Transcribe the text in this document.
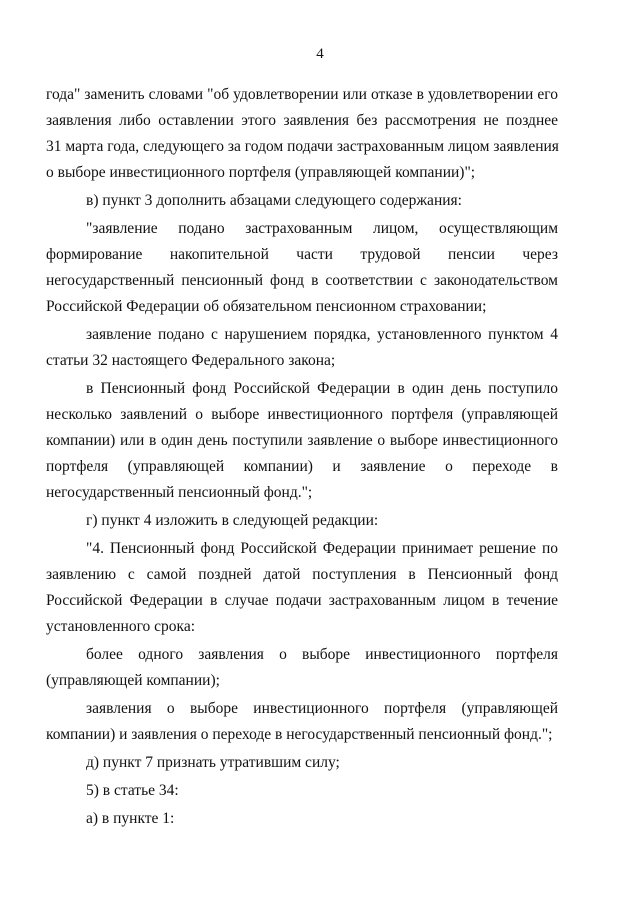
4
года" заменить словами "об удовлетворении или отказе в удовлетворении его
заявления либо оставлении этого заявления без рассмотрения не позднее
31 марта года, следующего за годом подачи застрахованным лицом заявления
о выборе инвестиционного портфеля (управляющей компании)";
в) пункт 3 дополнить абзацами следующего содержания:
"заявление подано застрахованным лицом, осуществляющим
формирование накопительной части трудовой пенсии через
негосударственный пенсионный фонд в соответствии с законодательством
Российской Федерации об обязательном пенсионном страховании;
заявление подано с нарушением порядка, установленного пунктом 4
статьи 32 настоящего Федерального закона;
в Пенсионный фонд Российской Федерации в один день поступило
несколько заявлений о выборе инвестиционного портфеля (управляющей
компании) или в один день поступили заявление о выборе инвестиционного
портфеля (управляющей компании) и заявление о переходе в
негосударственный пенсионный фонд.";
г) пункт 4 изложить в следующей редакции:
"4. Пенсионный фонд Российской Федерации принимает решение по
заявлению с самой поздней датой поступления в Пенсионный фонд
Российской Федерации в случае подачи застрахованным лицом в течение
установленного срока:
более одного заявления о выборе инвестиционного портфеля
(управляющей компании);
заявления о выборе инвестиционного портфеля (управляющей
компании) и заявления о переходе в негосударственный пенсионный фонд.";
д) пункт 7 признать утратившим силу;
5) в статье 34:
а) в пункте 1:
